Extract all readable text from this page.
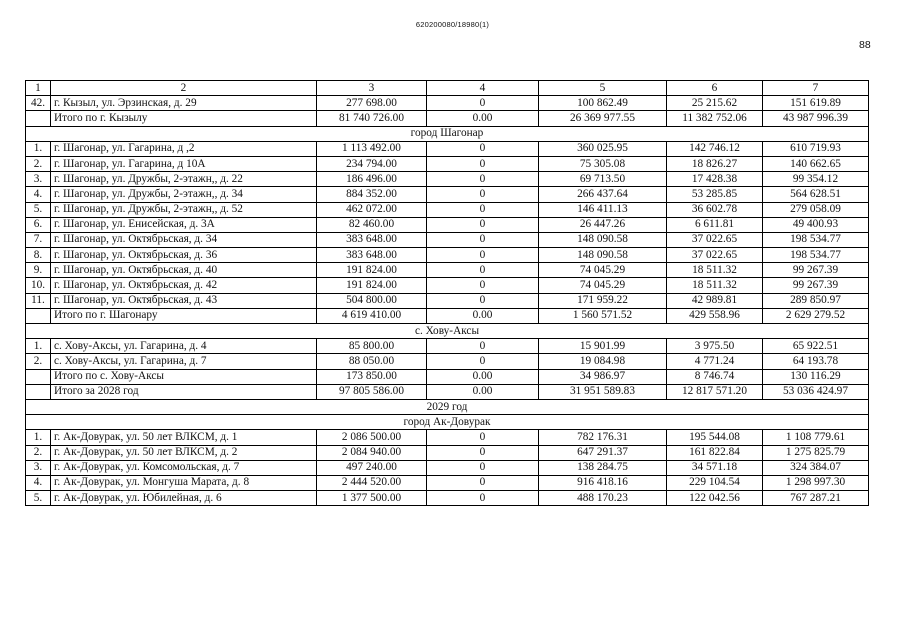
620200080/18980(1)
88
1	2	3	4	5	6	7
42.	г. Кызыл, ул. Эрзинская, д. 29	277 698.00	0	100 862.49	25 215.62	151 619.89
	Итого по г. Кызылу	81 740 726.00	0.00	26 369 977.55	11 382 752.06	43 987 996.39
город Шагонар						
1.	г. Шагонар, ул. Гагарина, д ,2	1 113 492.00	0	360 025.95	142 746.12	610 719.93
2.	г. Шагонар, ул. Гагарина, д 10А	234 794.00	0	75 305.08	18 826.27	140 662.65
3.	г. Шагонар, ул. Дружбы, 2-этажн,, д. 22	186 496.00	0	69 713.50	17 428.38	99 354.12
4.	г. Шагонар, ул. Дружбы, 2-этажн,, д. 34	884 352.00	0	266 437.64	53 285.85	564 628.51
5.	г. Шагонар, ул. Дружбы, 2-этажн,, д. 52	462 072.00	0	146 411.13	36 602.78	279 058.09
6.	г. Шагонар, ул. Енисейская, д. 3А	82 460.00	0	26 447.26	6 611.81	49 400.93
7.	г. Шагонар, ул. Октябрьская, д. 34	383 648.00	0	148 090.58	37 022.65	198 534.77
8.	г. Шагонар, ул. Октябрьская, д. 36	383 648.00	0	148 090.58	37 022.65	198 534.77
9.	г. Шагонар, ул. Октябрьская, д. 40	191 824.00	0	74 045.29	18 511.32	99 267.39
10.	г. Шагонар, ул. Октябрьская, д. 42	191 824.00	0	74 045.29	18 511.32	99 267.39
11.	г. Шагонар, ул. Октябрьская, д. 43	504 800.00	0	171 959.22	42 989.81	289 850.97
	Итого по г. Шагонару	4 619 410.00	0.00	1 560 571.52	429 558.96	2 629 279.52
с. Хову-Аксы						
1.	с. Хову-Аксы, ул. Гагарина, д. 4	85 800.00	0	15 901.99	3 975.50	65 922.51
2.	с. Хову-Аксы, ул. Гагарина, д. 7	88 050.00	0	19 084.98	4 771.24	64 193.78
	Итого по с. Хову-Аксы	173 850.00	0.00	34 986.97	8 746.74	130 116.29
	Итого за 2028 год	97 805 586.00	0.00	31 951 589.83	12 817 571.20	53 036 424.97
2029 год						
город Ак-Довурак						
1.	г. Ак-Довурак, ул. 50 лет ВЛКСМ, д. 1	2 086 500.00	0	782 176.31	195 544.08	1 108 779.61
2.	г. Ак-Довурак, ул. 50 лет ВЛКСМ, д. 2	2 084 940.00	0	647 291.37	161 822.84	1 275 825.79
3.	г. Ак-Довурак, ул. Комсомольская, д. 7	497 240.00	0	138 284.75	34 571.18	324 384.07
4.	г. Ак-Довурак, ул. Монгуша Марата, д. 8	2 444 520.00	0	916 418.16	229 104.54	1 298 997.30
5.	г. Ак-Довурак, ул. Юбилейная, д. 6	1 377 500.00	0	488 170.23	122 042.56	767 287.21
